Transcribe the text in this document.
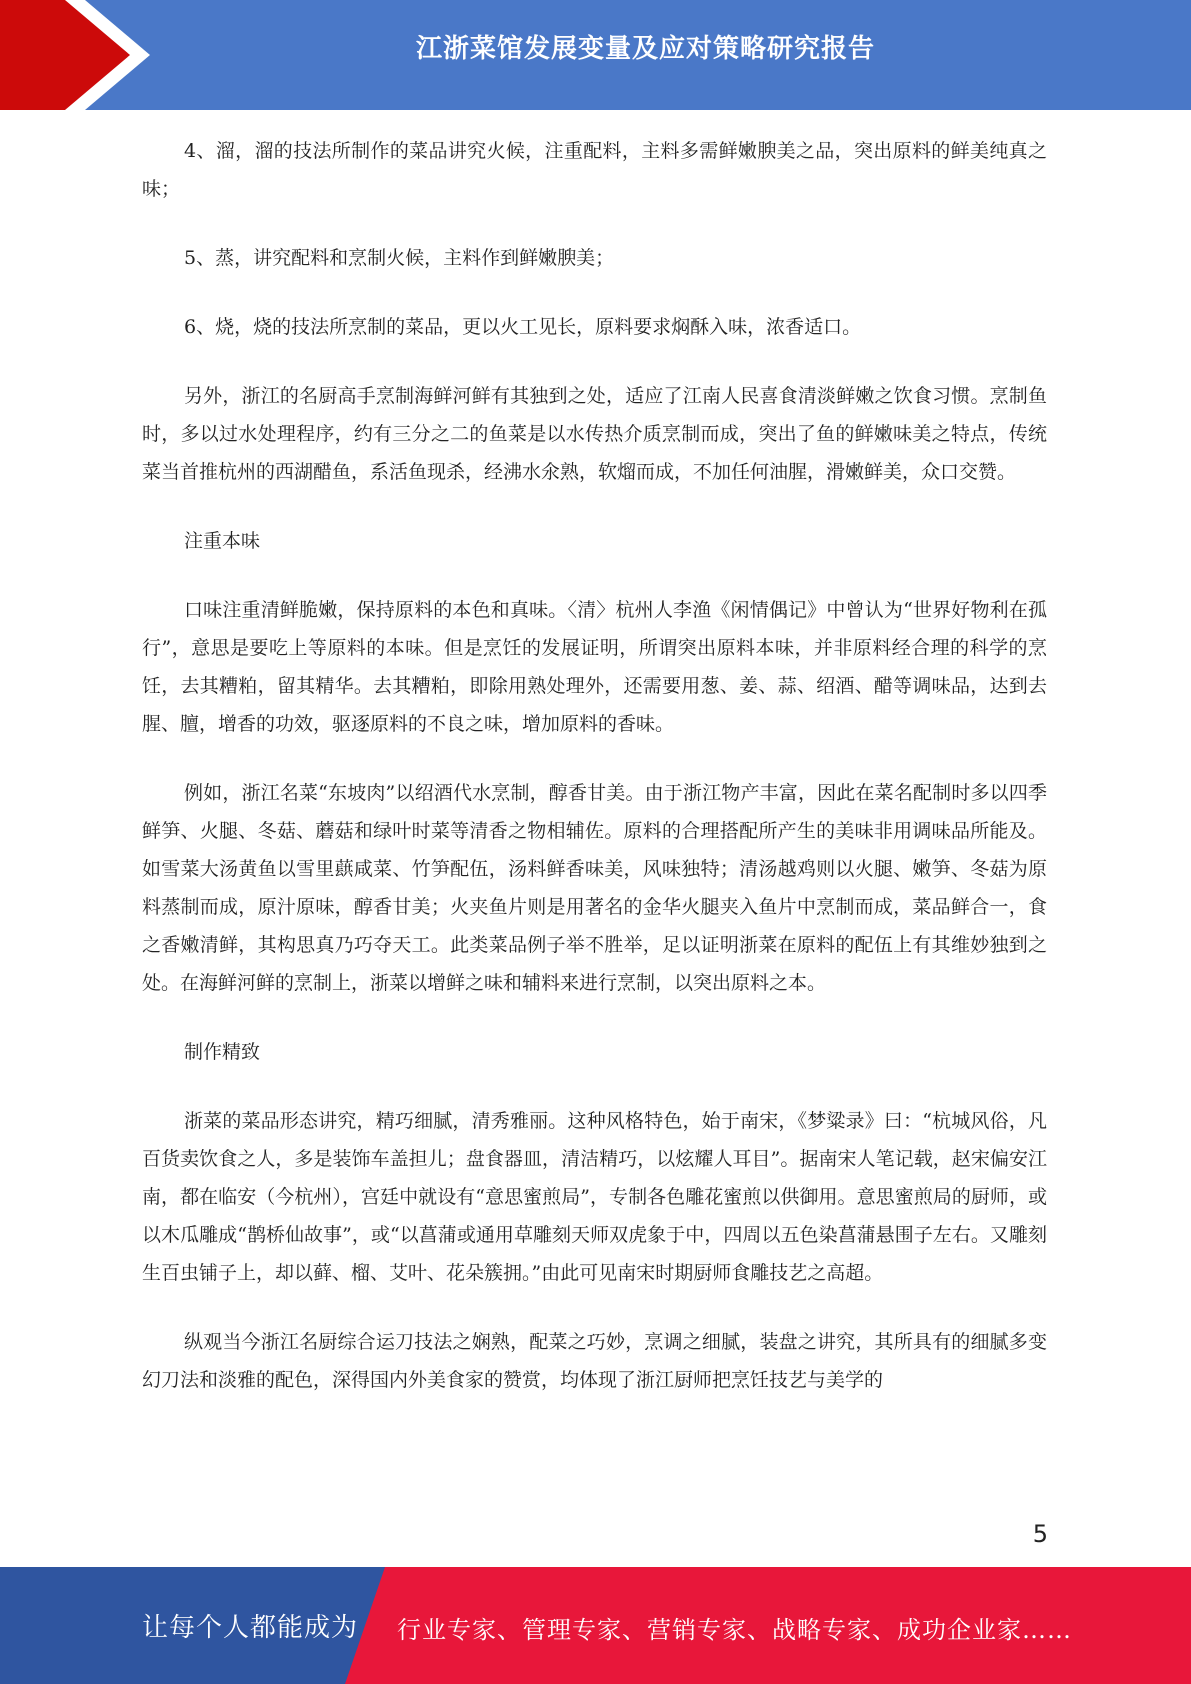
江浙菜馆发展变量及应对策略研究报告

4、溜，溜的技法所制作的菜品讲究火候，注重配料，主料多需鲜嫩腴美之品，突出原料的鲜美纯真之味；

5、蒸，讲究配料和烹制火候，主料作到鲜嫩腴美；

6、烧，烧的技法所烹制的菜品，更以火工见长，原料要求焖酥入味，浓香适口。

另外，浙江的名厨高手烹制海鲜河鲜有其独到之处，适应了江南人民喜食清淡鲜嫩之饮食习惯。烹制鱼时，多以过水处理程序，约有三分之二的鱼菜是以水传热介质烹制而成，突出了鱼的鲜嫩味美之特点，传统菜当首推杭州的西湖醋鱼，系活鱼现杀，经沸水氽熟，软熘而成，不加任何油腥，滑嫩鲜美，众口交赞。

注重本味

口味注重清鲜脆嫩，保持原料的本色和真味。〈清〉杭州人李渔《闲情偶记》中曾认为“世界好物利在孤行”，意思是要吃上等原料的本味。但是烹饪的发展证明，所谓突出原料本味，并非原料经合理的科学的烹饪，去其糟粕，留其精华。去其糟粕，即除用熟处理外，还需要用葱、姜、蒜、绍酒、醋等调味品，达到去腥、膻，增香的功效，驱逐原料的不良之味，增加原料的香味。

例如，浙江名菜“东坡肉”以绍酒代水烹制，醇香甘美。由于浙江物产丰富，因此在菜名配制时多以四季鲜笋、火腿、冬菇、蘑菇和绿叶时菜等清香之物相辅佐。原料的合理搭配所产生的美味非用调味品所能及。如雪菜大汤黄鱼以雪里蕻咸菜、竹笋配伍，汤料鲜香味美，风味独特；清汤越鸡则以火腿、嫩笋、冬菇为原料蒸制而成，原汁原味，醇香甘美；火夹鱼片则是用著名的金华火腿夹入鱼片中烹制而成，菜品鲜合一，食之香嫩清鲜，其构思真乃巧夺天工。此类菜品例子举不胜举，足以证明浙菜在原料的配伍上有其维妙独到之处。在海鲜河鲜的烹制上，浙菜以增鲜之味和辅料来进行烹制，以突出原料之本。

制作精致

浙菜的菜品形态讲究，精巧细腻，清秀雅丽。这种风格特色，始于南宋，《梦粱录》曰：“杭城风俗，凡百货卖饮食之人，多是装饰车盖担儿；盘食器皿，清洁精巧，以炫耀人耳目”。据南宋人笔记载，赵宋偏安江南，都在临安（今杭州），宫廷中就设有“意思蜜煎局”，专制各色雕花蜜煎以供御用。意思蜜煎局的厨师，或以木瓜雕成“鹊桥仙故事”，或“以菖蒲或通用草雕刻天师双虎象于中，四周以五色染菖蒲悬围子左右。又雕刻生百虫铺子上，却以藓、榴、艾叶、花朵簇拥。”由此可见南宋时期厨师食雕技艺之高超。

纵观当今浙江名厨综合运刀技法之娴熟，配菜之巧妙，烹调之细腻，装盘之讲究，其所具有的细腻多变幻刀法和淡雅的配色，深得国内外美食家的赞赏，均体现了浙江厨师把烹饪技艺与美学的

5
让每个人都能成为 行业专家、管理专家、营销专家、战略专家、成功企业家……
